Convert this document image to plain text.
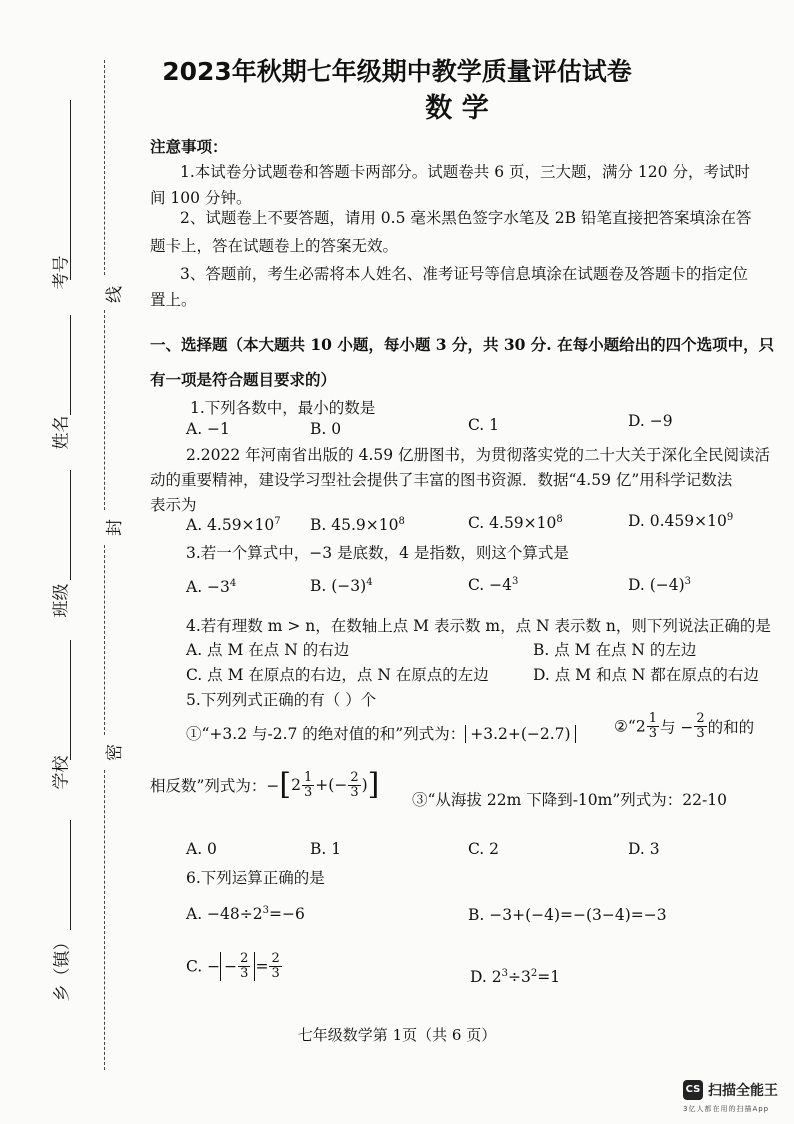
考号
姓名
班级
学校
乡（镇）
线
封
密
2023年秋期七年级期中教学质量评估试卷
数 学
注意事项：
1.本试卷分试题卷和答题卡两部分。试题卷共 6 页，三大题，满分 120 分，考试时
间 100 分钟。
2、试题卷上不要答题，请用 0.5 毫米黑色签字水笔及 2B 铅笔直接把答案填涂在答
题卡上，答在试题卷上的答案无效。
3、答题前，考生必需将本人姓名、准考证号等信息填涂在试题卷及答题卡的指定位
置上。
一、选择题（本大题共 10 小题，每小题 3 分，共 30 分. 在每小题给出的四个选项中，只
有一项是符合题目要求的）
1.下列各数中，最小的数是
A. −1	B. 0	C. 1	D. −9
2.2022 年河南省出版的 4.59 亿册图书，为贯彻落实党的二十大关于深化全民阅读活
动的重要精神，建设学习型社会提供了丰富的图书资源．数据“4.59 亿”用科学记数法
表示为
A. $4.59\times 10^7$ B. $45.9\times 10^8$	C. $4.59\times 10^8$	D. $0.459\times 10^9$
3.若一个算式中，−3 是底数，4 是指数，则这个算式是
A. $-3^4$	B. $(-3)^4$	C. $-4^3$	D. $(-4)^3$
4.若有理数 m > n，在数轴上点 M 表示数 m，点 N 表示数 n，则下列说法正确的是
A. 点 M 在点 N 的右边	B. 点 M 在点 N 的左边
C. 点 M 在原点的右边，点 N 在原点的左边	D. 点 M 和点 N 都在原点的右边
5.下列列式正确的有（ ）个
①“+3.2 与-2.7 的绝对值的和”列式为： +3.2+(−2.7)	②“2 $\frac{1}{3}$ 与 − $\frac{2}{3}$ 的和的
相反数”列式为：$-[2 \frac{1}{3}$ +(− $\frac{2}{3}$ )] ③“从海拔 22m 下降到-10m”列式为：22-10
A. 0	B. 1	C. 2	D. 3
6.下列运算正确的是
A. $-48\div 2^3=-6$	B. −3+(−4)=−(3−4)=−3
C. − − $\frac{2}{3} = \frac{2}{3}$	D. $2^3\div 3^2=1$
七年级数学第 1页（共 6 页）
CS 扫描全能王
3亿人都在用的扫描App
